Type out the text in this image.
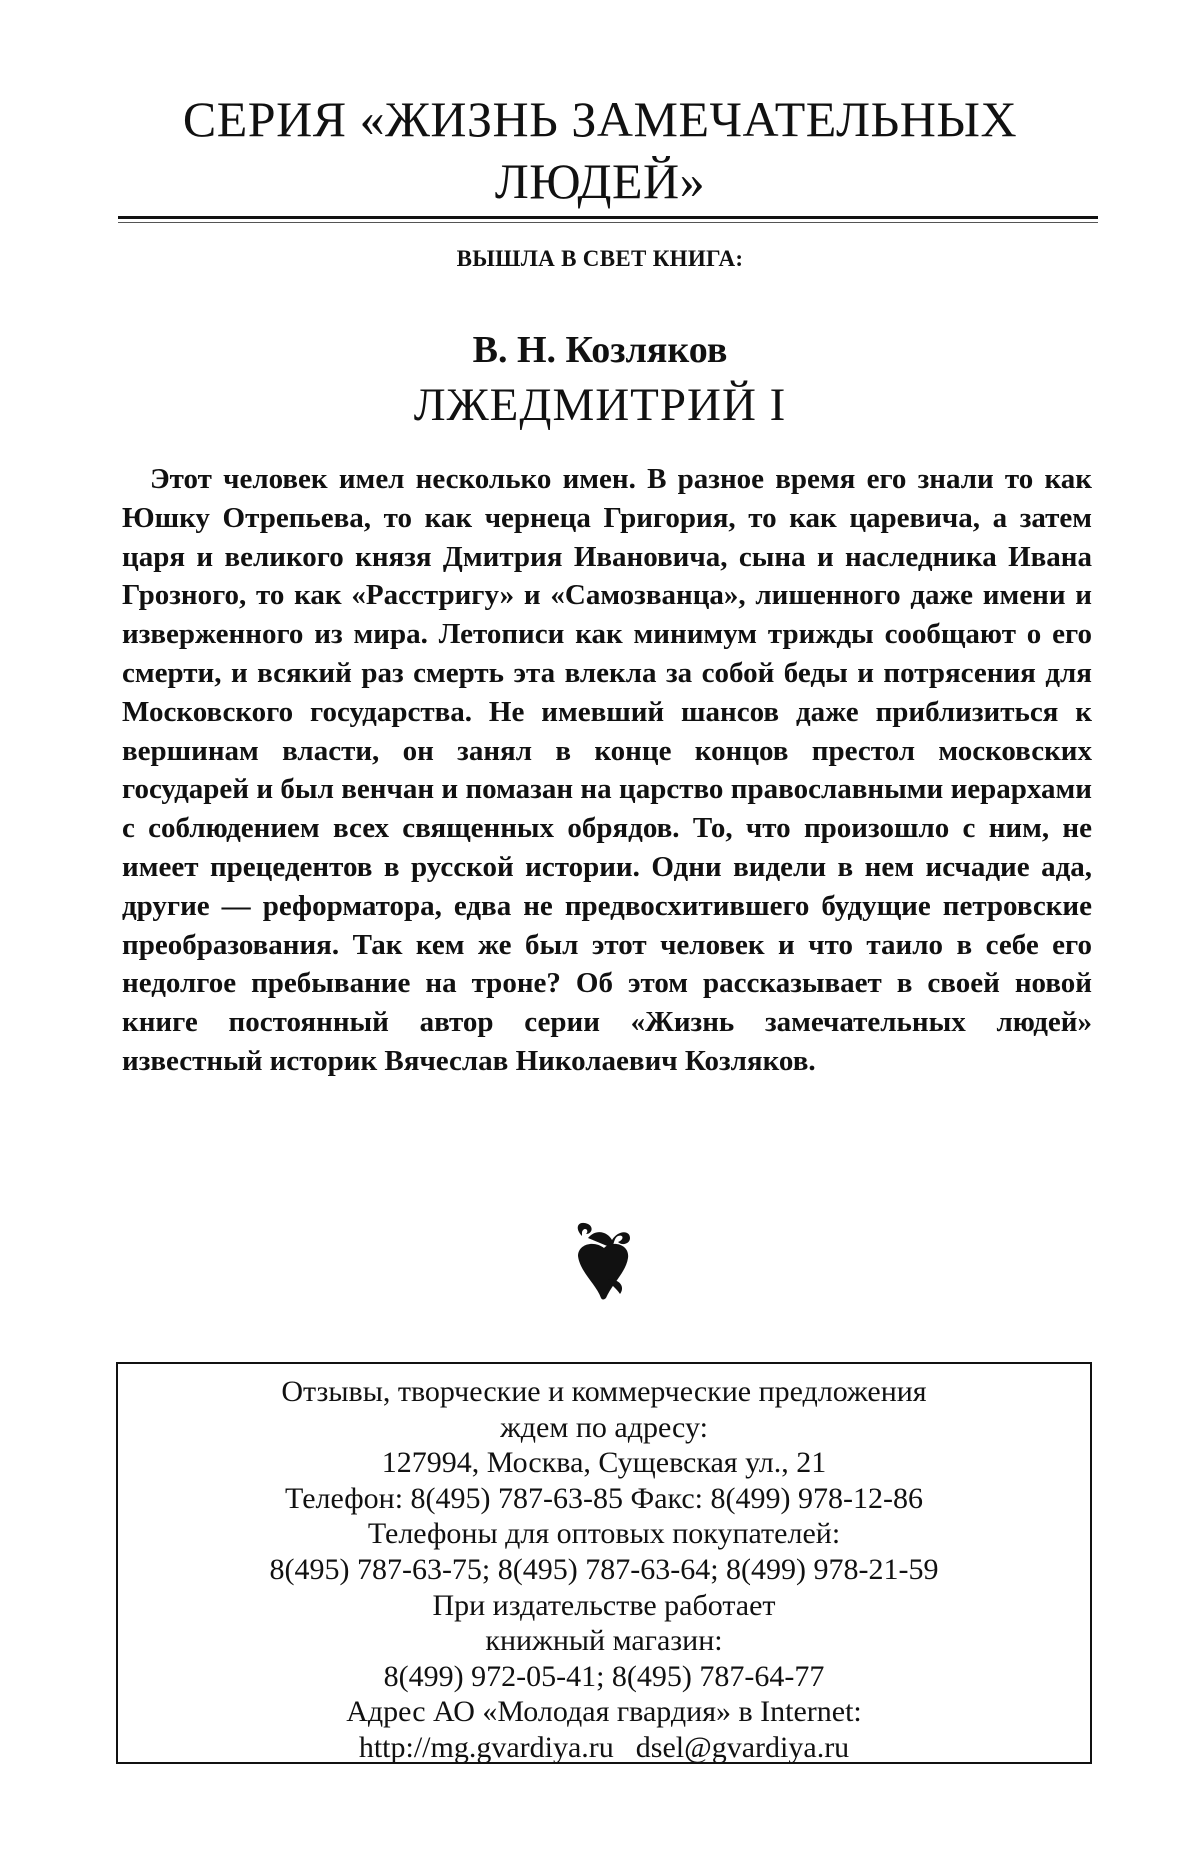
СЕРИЯ «ЖИЗНЬ ЗАМЕЧАТЕЛЬНЫХ
ЛЮДЕЙ»
ВЫШЛА В СВЕТ КНИГА:
В. Н. Козляков
ЛЖЕДМИТРИЙ I

Этот человек имел несколько имен. В разное время его знали то как Юшку Отрепьева, то как чернеца Григория, то как царевича, а затем царя и великого князя Дмитрия Ивановича, сына и наследника Ивана Грозного, то как «Расстригу» и «Самозванца», лишенного даже имени и изверженного из мира. Летописи как минимум трижды сообщают о его смерти, и всякий раз смерть эта влекла за собой беды и потрясения для Московского государства. Не имевший шансов даже приблизиться к вершинам власти, он занял в конце концов престол московских государей и был венчан и помазан на царство православными иерархами с соблюдением всех священных обрядов. То, что произошло с ним, не имеет прецедентов в русской истории. Одни видели в нем исчадие ада, другие — реформатора, едва не предвосхитившего будущие петровские преобразования. Так кем же был этот человек и что таило в себе его недолгое пребывание на троне? Об этом рассказывает в своей новой книге постоянный автор серии «Жизнь замечательных людей» известный историк Вячеслав Николаевич Козляков.

Отзывы, творческие и коммерческие предложения
ждем по адресу:
127994, Москва, Сущевская ул., 21
Телефон: 8(495) 787-63-85 Факс: 8(499) 978-12-86
Телефоны для оптовых покупателей:
8(495) 787-63-75; 8(495) 787-63-64; 8(499) 978-21-59
При издательстве работает
книжный магазин:
8(499) 972-05-41; 8(495) 787-64-77
Адрес АО «Молодая гвардия» в Internet:
http://mg.gvardiya.ru dsel@gvardiya.ru
